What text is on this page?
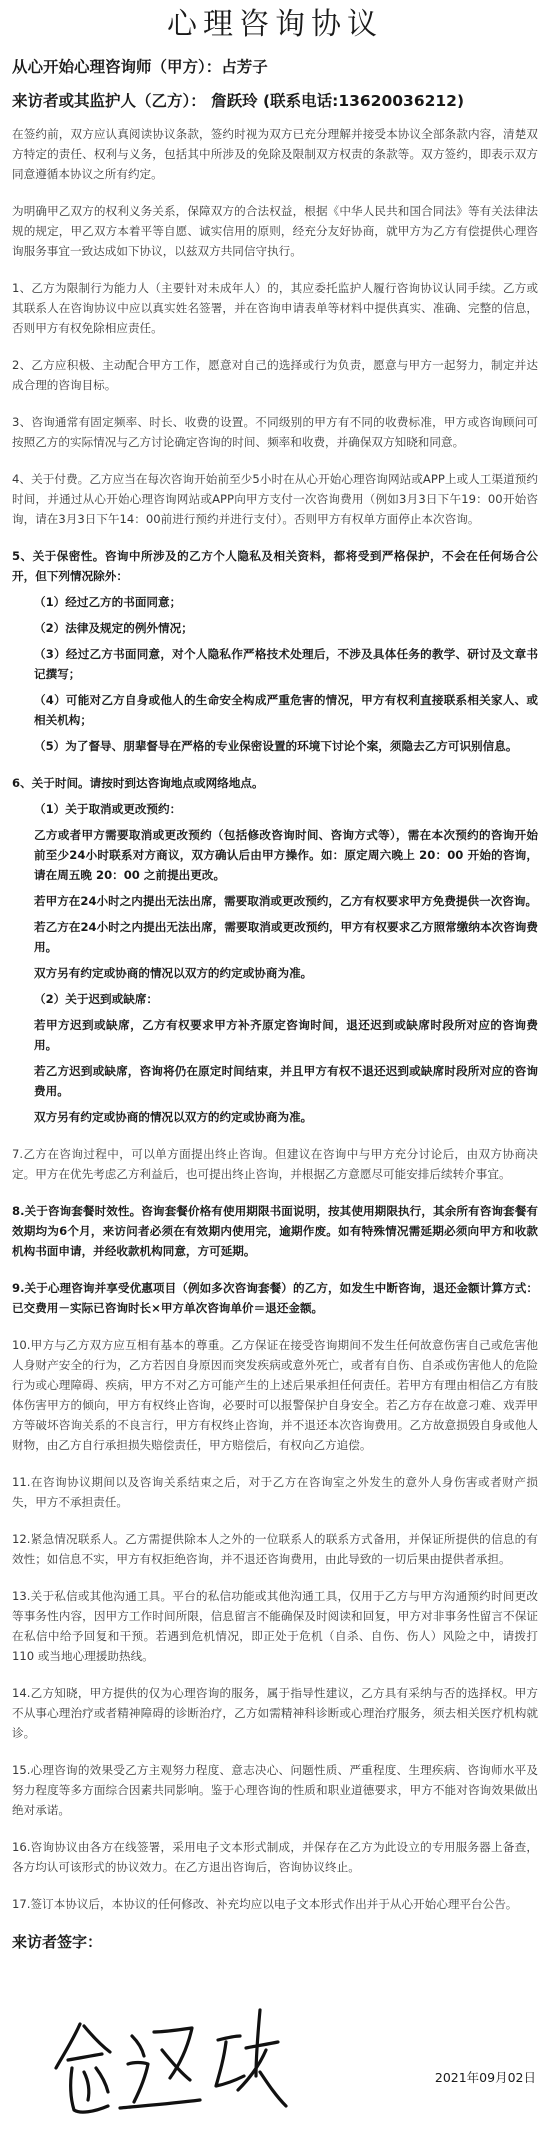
心理咨询协议
从心开始心理咨询师（甲方）：占芳子
来访者或其监护人（乙方）： 詹跃玲 (联系电话:13620036212)

在签约前，双方应认真阅读协议条款，签约时视为双方已充分理解并接受本协议全部条款内容，清楚双方特定的责任、权利与义务，包括其中所涉及的免除及限制双方权责的条款等。双方签约，即表示双方同意遵循本协议之所有约定。

为明确甲乙双方的权利义务关系，保障双方的合法权益，根据《中华人民共和国合同法》等有关法律法规的规定，甲乙双方本着平等自愿、诚实信用的原则，经充分友好协商，就甲方为乙方有偿提供心理咨询服务事宜一致达成如下协议，以兹双方共同信守执行。

1、乙方为限制行为能力人（主要针对未成年人）的，其应委托监护人履行咨询协议认同手续。乙方或其联系人在咨询协议中应以真实姓名签署，并在咨询申请表单等材料中提供真实、准确、完整的信息，否则甲方有权免除相应责任。

2、乙方应积极、主动配合甲方工作，愿意对自己的选择或行为负责，愿意与甲方一起努力，制定并达成合理的咨询目标。

3、咨询通常有固定频率、时长、收费的设置。不同级别的甲方有不同的收费标准，甲方或咨询顾问可按照乙方的实际情况与乙方讨论确定咨询的时间、频率和收费，并确保双方知晓和同意。

4、关于付费。乙方应当在每次咨询开始前至少5小时在从心开始心理咨询网站或APP上或人工渠道预约时间，并通过从心开始心理咨询网站或APP向甲方支付一次咨询费用（例如3月3日下午19：00开始咨询，请在3月3日下午14：00前进行预约并进行支付）。否则甲方有权单方面停止本次咨询。

5、关于保密性。咨询中所涉及的乙方个人隐私及相关资料，都将受到严格保护，不会在任何场合公开，但下列情况除外：

（1）经过乙方的书面同意；

（2）法律及规定的例外情况；

（3）经过乙方书面同意，对个人隐私作严格技术处理后，不涉及具体任务的教学、研讨及文章书记撰写；

（4）可能对乙方自身或他人的生命安全构成严重危害的情况，甲方有权利直接联系相关家人、或相关机构；

（5）为了督导、朋辈督导在严格的专业保密设置的环境下讨论个案，须隐去乙方可识别信息。

6、关于时间。请按时到达咨询地点或网络地点。

（1）关于取消或更改预约：

乙方或者甲方需要取消或更改预约（包括修改咨询时间、咨询方式等），需在本次预约的咨询开始前至少24小时联系对方商议，双方确认后由甲方操作。如：原定周六晚上 20：00 开始的咨询，请在周五晚 20：00 之前提出更改。

若甲方在24小时之内提出无法出席，需要取消或更改预约，乙方有权要求甲方免费提供一次咨询。

若乙方在24小时之内提出无法出席，需要取消或更改预约，甲方有权要求乙方照常缴纳本次咨询费用。

双方另有约定或协商的情况以双方的约定或协商为准。

（2）关于迟到或缺席：

若甲方迟到或缺席，乙方有权要求甲方补齐原定咨询时间，退还迟到或缺席时段所对应的咨询费用。

若乙方迟到或缺席，咨询将仍在原定时间结束，并且甲方有权不退还迟到或缺席时段所对应的咨询费用。

双方另有约定或协商的情况以双方的约定或协商为准。

7.乙方在咨询过程中，可以单方面提出终止咨询。但建议在咨询中与甲方充分讨论后，由双方协商决定。甲方在优先考虑乙方利益后，也可提出终止咨询，并根据乙方意愿尽可能安排后续转介事宜。

8.关于咨询套餐时效性。咨询套餐价格有使用期限书面说明，按其使用期限执行，其余所有咨询套餐有效期均为6个月，来访问者必须在有效期内使用完，逾期作废。如有特殊情况需延期必须向甲方和收款机构书面申请，并经收款机构同意，方可延期。

9.关于心理咨询并享受优惠项目（例如多次咨询套餐）的乙方，如发生中断咨询，退还金额计算方式：已交费用－实际已咨询时长×甲方单次咨询单价＝退还金额。

10.甲方与乙方双方应互相有基本的尊重。乙方保证在接受咨询期间不发生任何故意伤害自己或危害他人身财产安全的行为，乙方若因自身原因而突发疾病或意外死亡，或者有自伤、自杀或伤害他人的危险行为或心理障碍、疾病，甲方不对乙方可能产生的上述后果承担任何责任。若甲方有理由相信乙方有肢体伤害甲方的倾向，甲方有权终止咨询，必要时可以报警保护自身安全。若乙方存在故意刁难、戏弄甲方等破坏咨询关系的不良言行，甲方有权终止咨询，并不退还本次咨询费用。乙方故意损毁自身或他人财物，由乙方自行承担损失赔偿责任，甲方赔偿后，有权向乙方追偿。

11.在咨询协议期间以及咨询关系结束之后，对于乙方在咨询室之外发生的意外人身伤害或者财产损失，甲方不承担责任。

12.紧急情况联系人。乙方需提供除本人之外的一位联系人的联系方式备用，并保证所提供的信息的有效性；如信息不实，甲方有权拒绝咨询，并不退还咨询费用，由此导致的一切后果由提供者承担。

13.关于私信或其他沟通工具。平台的私信功能或其他沟通工具，仅用于乙方与甲方沟通预约时间更改等事务性内容，因甲方工作时间所限，信息留言不能确保及时阅读和回复，甲方对非事务性留言不保证在私信中给予回复和干预。若遇到危机情况，即正处于危机（自杀、自伤、伤人）风险之中，请拨打110 或当地心理援助热线。

14.乙方知晓，甲方提供的仅为心理咨询的服务，属于指导性建议，乙方具有采纳与否的选择权。甲方不从事心理治疗或者精神障碍的诊断治疗，乙方如需精神科诊断或心理治疗服务，须去相关医疗机构就诊。

15.心理咨询的效果受乙方主观努力程度、意志决心、问题性质、严重程度、生理疾病、咨询师水平及努力程度等多方面综合因素共同影响。鉴于心理咨询的性质和职业道德要求，甲方不能对咨询效果做出绝对承诺。

16.咨询协议由各方在线签署，采用电子文本形式制成，并保存在乙方为此设立的专用服务器上备查，各方均认可该形式的协议效力。在乙方退出咨询后，咨询协议终止。

17.签订本协议后，本协议的任何修改、补充均应以电子文本形式作出并于从心开始心理平台公告。

来访者签字：
2021年09月02日
